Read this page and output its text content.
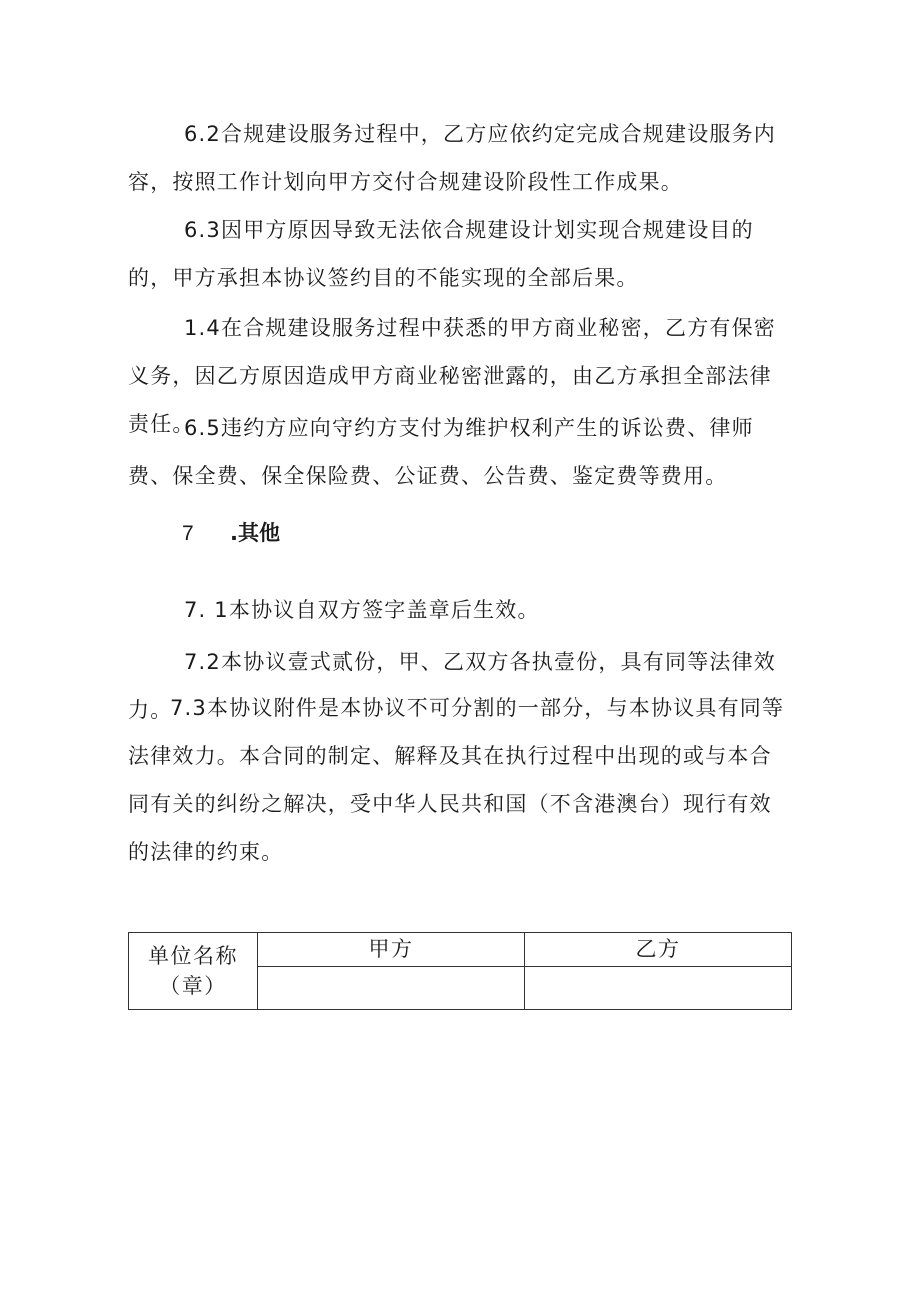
6.2合规建设服务过程中，乙方应依约定完成合规建设服务内容，按照工作计划向甲方交付合规建设阶段性工作成果。

6.3因甲方原因导致无法依合规建设计划实现合规建设目的的，甲方承担本协议签约目的不能实现的全部后果。

1.4在合规建设服务过程中获悉的甲方商业秘密，乙方有保密义务，因乙方原因造成甲方商业秘密泄露的，由乙方承担全部法律责任。

6.5违约方应向守约方支付为维护权利产生的诉讼费、律师费、保全费、保全保险费、公证费、公告费、鉴定费等费用。

7 .其他

7. 1本协议自双方签字盖章后生效。

7.2本协议壹式贰份，甲、乙双方各执壹份，具有同等法律效力。

7.3本协议附件是本协议不可分割的一部分，与本协议具有同等法律效力。本合同的制定、解释及其在执行过程中出现的或与本合同有关的纠纷之解决，受中华人民共和国（不含港澳台）现行有效的法律的约束。

单位名称
（章）	甲方	乙方
